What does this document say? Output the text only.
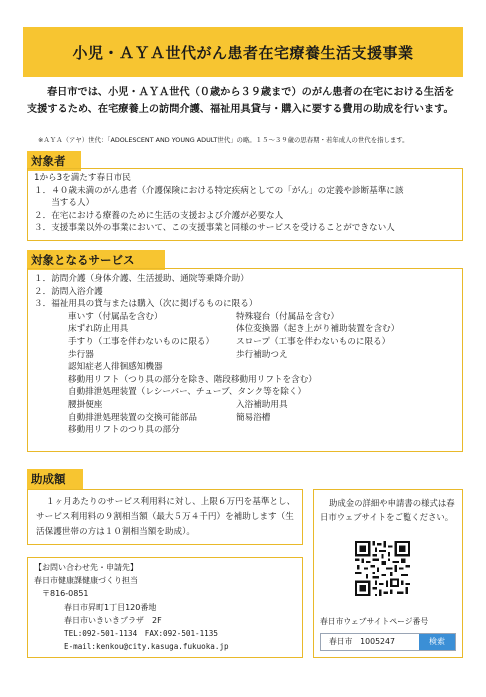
小児・ＡＹＡ世代がん患者在宅療養生活支援事業
春日市では、小児・ＡＹＡ世代（０歳から３９歳まで）のがん患者の在宅における生活を支援するため、在宅療養上の訪問介護、福祉用具貸与・購入に要する費用の助成を行います。
※ＡＹＡ（アヤ）世代：「ADOLESCENT AND YOUNG ADULT世代」の略。１５～３９歳の思春期・若年成人の世代を指します。
対象者
1から3を満たす春日市民
１．４０歳未満のがん患者（介護保険における特定疾病としての「がん」の定義や診断基準に該
　　当する人）
２．在宅における療養のために生活の支援および介護が必要な人
３．支援事業以外の事業において、この支援事業と同様のサービスを受けることができない人
対象となるサービス
１．訪問介護（身体介護、生活援助、通院等乗降介助）
２．訪問入浴介護
３．福祉用具の貸与または購入（次に掲げるものに限る）
車いす（付属品を含む）	特殊寝台（付属品を含む）
床ずれ防止用具	体位変換器（起き上がり補助装置を含む）
手すり（工事を伴わないものに限る）	スロープ（工事を伴わないものに限る）
歩行器	歩行補助つえ
認知症老人徘徊感知機器
移動用リフト（つり具の部分を除き、階段移動用リフトを含む）
自動排泄処理装置（レシーバー、チューブ、タンク等を除く）
腰掛便座	入浴補助用具
自動排泄処理装置の交換可能部品	簡易浴槽
移動用リフトのつり具の部分
助成額
１ヶ月あたりのサービス利用料に対し、上限６万円を基準とし、サービス利用料の９割相当額（最大５万４千円）を補助します（生活保護世帯の方は１０割相当額を助成）。
【お問い合わせ先・申請先】
春日市健康課健康づくり担当
〒816-0851
春日市昇町1丁目120番地
春日市いきいきプラザ　2F
TEL:092-501-1134　FAX:092-501-1135
E-mail:kenkou@city.kasuga.fukuoka.jp
助成金の詳細や申請書の様式は春日市ウェブサイトをご覧ください。
春日市ウェブサイトページ番号
春日市　1005247	検索
